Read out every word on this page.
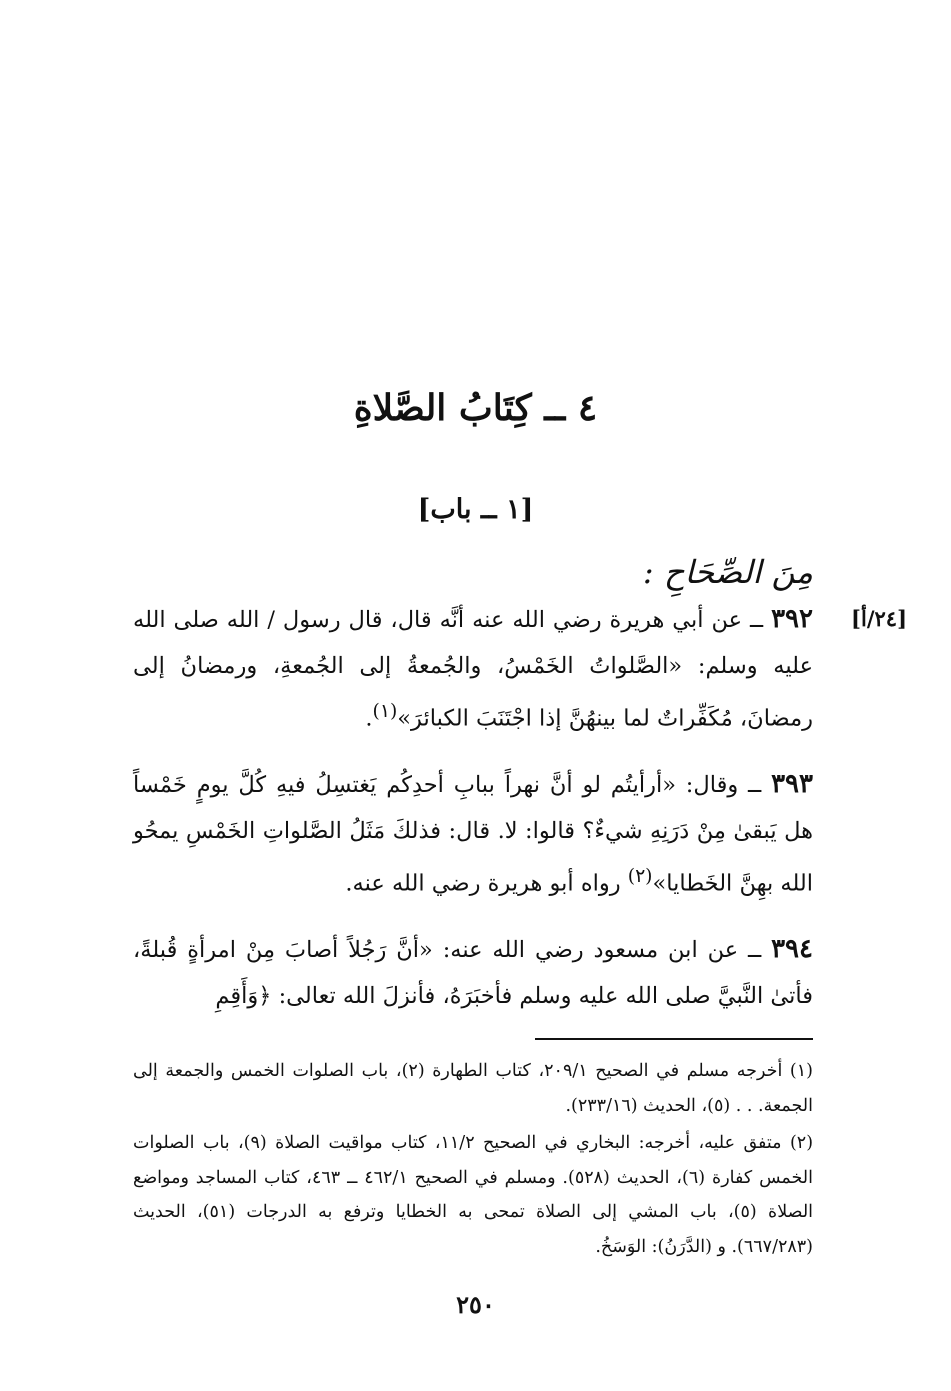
٤ ــ كِتَابُ الصَّلاةِ
[١ ــ باب]
مِنَ الصِّحَاحِ :
[٢٤/أ]

٣٩٢ ــ عن أبي هريرة رضي الله عنه أنَّه قال، قال رسول / الله صلى الله عليه وسلم: «الصَّلواتُ الخَمْسُ، والجُمعةُ إلى الجُمعةِ، ورمضانُ إلى رمضانَ، مُكَفِّراتٌ لما بينهُنَّ إذا اجْتَنَبَ الكبائرَ»$^{(١)}$.

٣٩٣ ــ وقال: «أرأيتُم لو أنَّ نهراً ببابِ أحدِكُم يَغتسِلُ فيهِ كُلَّ يومٍ خَمْساً هل يَبقىٰ مِنْ دَرَنِهِ شيءٌ؟ قالوا: لا. قال: فذلكَ مَثَلُ الصَّلواتِ الخَمْسِ يمحُو الله بهِنَّ الخَطايا»$^{(٢)}$ رواه أبو هريرة رضي الله عنه.

٣٩٤ ــ عن ابن مسعود رضي الله عنه: «أنَّ رَجُلاً أصابَ مِنْ امرأةٍ قُبلةً، فأتىٰ النَّبيَّ صلى الله عليه وسلم فأخبَرَهُ، فأنزلَ الله تعالى: ﴿وَأَقِمِ

(١) أخرجه مسلم في الصحيح ٢٠٩/١، كتاب الطهارة (٢)، باب الصلوات الخمس والجمعة إلى الجمعة. . . (٥)، الحديث (٢٣٣/١٦).

(٢) متفق عليه، أخرجه: البخاري في الصحيح ١١/٢، كتاب مواقيت الصلاة (٩)، باب الصلوات الخمس كفارة (٦)، الحديث (٥٢٨). ومسلم في الصحيح ٤٦٢/١ ــ ٤٦٣، كتاب المساجد ومواضع الصلاة (٥)، باب المشي إلى الصلاة تمحى به الخطايا وترفع به الدرجات (٥١)، الحديث (٦٦٧/٢٨٣). و (الدَّرَنُ): الوَسَخُ.

٢٥٠
